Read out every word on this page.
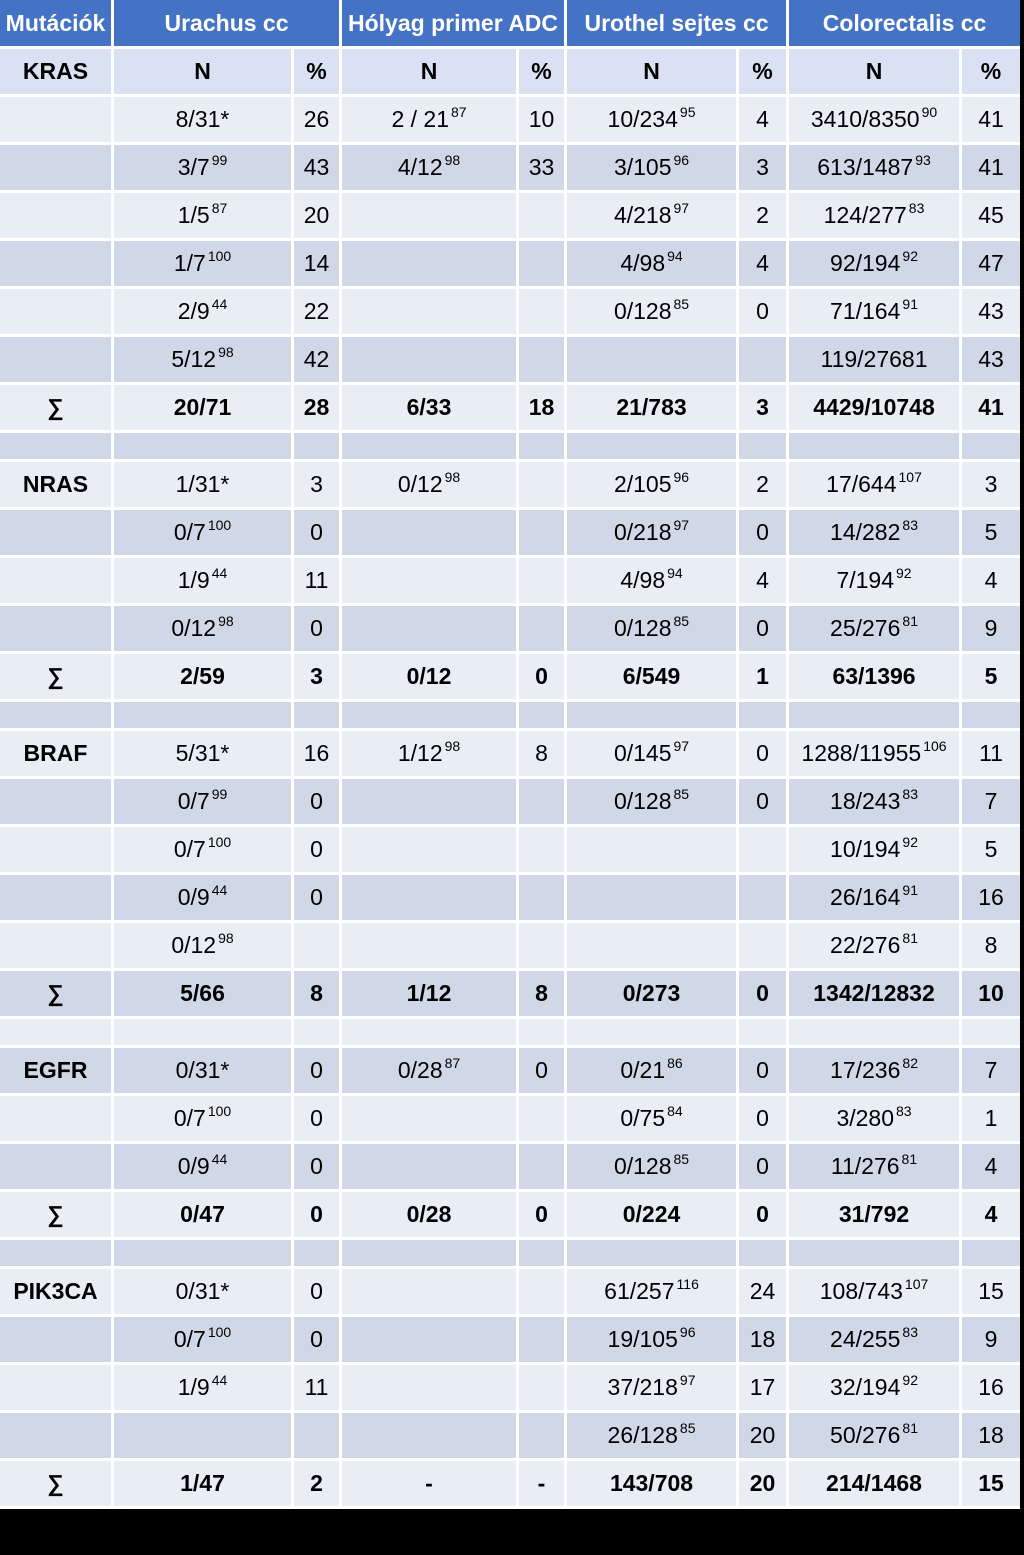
Mutációk	Urachus cc		Hólyag primer ADC		Urothel sejtes cc		Colorectalis cc	
KRAS	N	%	N	%	N	%	N	%
	8/31*	26	2 / 21 $^{87}$	10	10/234 $^{95}$	4	3410/8350 $^{90}$	41
	3/7 $^{99}$	43	4/12 $^{98}$	33	3/105 $^{96}$	3	613/1487 $^{93}$	41
	1/5 $^{87}$	20			4/218 $^{97}$	2	124/277 $^{83}$	45
	1/7 $^{100}$	14			4/98 $^{94}$	4	92/194 $^{92}$	47
	2/9 $^{44}$	22			0/128 $^{85}$	0	71/164 $^{91}$	43
	5/12 $^{98}$	42					119/27681	43
∑	20/71	28	6/33	18	21/783	3	4429/10748	41

NRAS	1/31*	3	0/12 $^{98}$		2/105 $^{96}$	2	17/644 $^{107}$	3
	0/7 $^{100}$	0			0/218 $^{97}$	0	14/282 $^{83}$	5
	1/9 $^{44}$	11			4/98 $^{94}$	4	7/194 $^{92}$	4
	0/12 $^{98}$	0			0/128 $^{85}$	0	25/276 $^{81}$	9
∑	2/59	3	0/12	0	6/549	1	63/1396	5

BRAF	5/31*	16	1/12 $^{98}$	8	0/145 $^{97}$	0	1288/11955 $^{106}$	11
	0/7 $^{99}$	0			0/128 $^{85}$	0	18/243 $^{83}$	7
	0/7 $^{100}$	0					10/194 $^{92}$	5
	0/9 $^{44}$	0					26/164 $^{91}$	16
	0/12 $^{98}$						22/276 $^{81}$	8
∑	5/66	8	1/12	8	0/273	0	1342/12832	10

EGFR	0/31*	0	0/28 $^{87}$	0	0/21 $^{86}$	0	17/236 $^{82}$	7
	0/7 $^{100}$	0			0/75 $^{84}$	0	3/280 $^{83}$	1
	0/9 $^{44}$	0			0/128 $^{85}$	0	11/276 $^{81}$	4
∑	0/47	0	0/28	0	0/224	0	31/792	4

PIK3CA	0/31*	0			61/257 $^{116}$	24	108/743 $^{107}$	15
	0/7 $^{100}$	0			19/105 $^{96}$	18	24/255 $^{83}$	9
	1/9 $^{44}$	11			37/218 $^{97}$	17	32/194 $^{92}$	16
					26/128 $^{85}$	20	50/276 $^{81}$	18
∑	1/47	2	-	-	143/708	20	214/1468	15
